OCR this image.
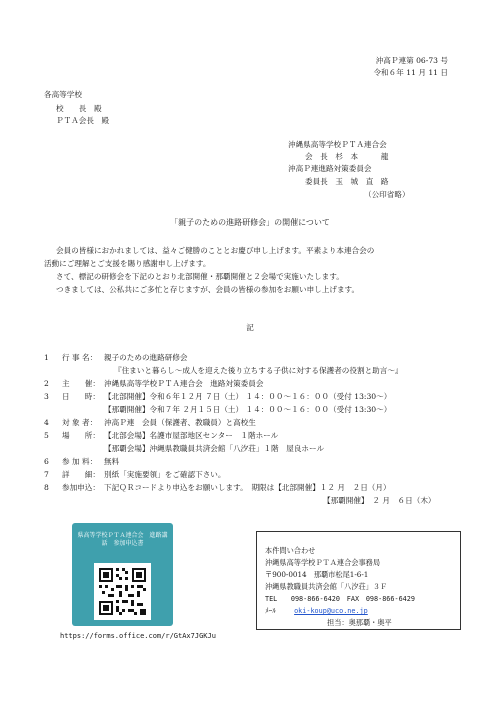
沖高Ｐ連第 06-73 号
令和６年 11 月 11 日
各高等学校
校　　長　殿
ＰＴＡ会長　殿
沖縄県高等学校ＰＴＡ連合会
会　長　杉　本　　　龍
沖高Ｐ連進路対策委員会
委員長　玉　城　直　路
（公印省略）
「親子のための進路研修会」の開催について
会員の皆様におかれましては、益々ご健勝のこととお慶び申し上げます。平素より本連合会の
活動にご理解とご支援を賜り感謝申し上げます。
さて、標記の研修会を下記のとおり北部開催・那覇開催と２会場で実施いたします。
つきましては、公私共にご多忙と存じますが、会員の皆様の参加をお願い申し上げます。
記
1 行 事 名： 親子のための進路研修会
『住まいと暮らし～成人を迎えた後り立ちする子供に対する保護者の役割と助言～』
2 主　　催： 沖縄県高等学校ＰＴＡ連合会　進路対策委員会
3 日　　時： 【北部開催】令和６年１２月 ７日（土） １４：００～１６：００（受付 13:30～）
【那覇開催】令和７年 ２月１５日（土） １４：００～１６：００（受付 13:30～）
4 対 象 者： 沖高Ｐ連　会員（保護者、教職員）と高校生
5 場　　所： 【北部会場】名護市屋部地区センター　１階ホール
【那覇会場】沖縄県教職員共済会館「八汐荘」１階　屋良ホール
6 参 加 料： 無料
7 詳　　細： 別紙「実施要領」をご確認下さい。
8 参加申込： 下記ＱＲコードより申込をお願いします。　期限は【北部開催】１２ 月　２日（月）
【那覇開催】　２ 月　６日（木）
県高等学校ＰＴＡ連合会　進路講
話　参加申込書
https://forms.office.com/r/GtAx7JGKJu
本件問い合わせ
沖縄県高等学校ＰＴＡ連合会事務局
〒900-0014　那覇市松尾1-6-1
沖縄県教職員共済会館「八汐荘」３Ｆ
TEL　　098-866-6420　FAX　098-866-6429
ﾒｰﾙ	oki-koup@uco.ne.jp
担当：奥那覇・奥平
